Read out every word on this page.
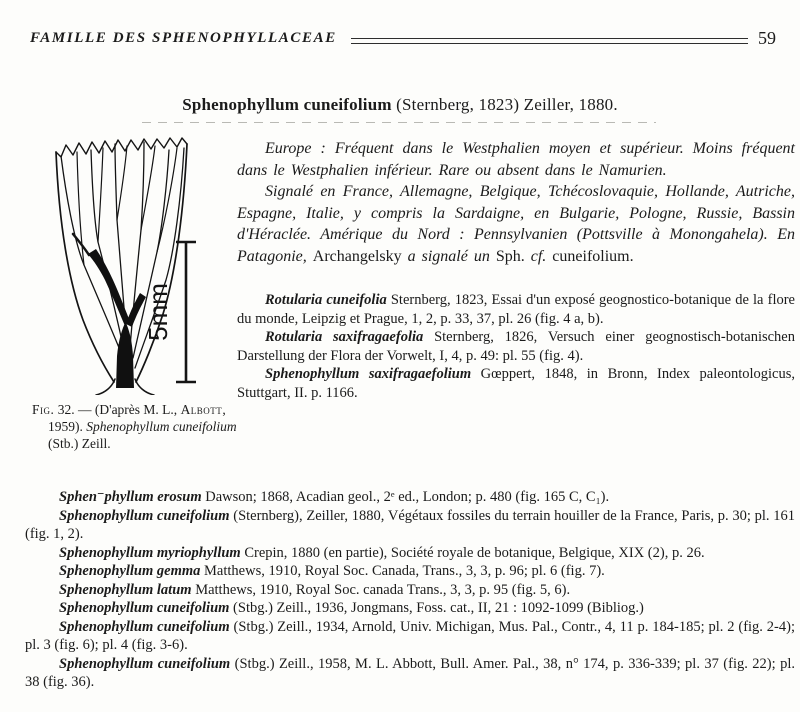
FAMILLE DES SPHENOPHYLLACEAE	59
Sphenophyllum cuneifolium (Sternberg, 1823) Zeiller, 1880.
5mm
Fig. 32. — (D'après M. L., Albott, 1959). Sphenophyllum cuneifolium (Stb.) Zeill.

Europe : Fréquent dans le Westphalien moyen et supérieur. Moins fréquent dans le Westphalien inférieur. Rare ou absent dans le Namurien.

Signalé en France, Allemagne, Belgique, Tchécoslovaquie, Hollande, Autriche, Espagne, Italie, y compris la Sardaigne, en Bulgarie, Pologne, Russie, Bassin d'Héraclée. Amérique du Nord : Pennsylvanien (Pottsville à Monongahela). En Patagonie, Archangelsky a signalé un Sph. cf. cuneifolium.

Rotularia cuneifolia Sternberg, 1823, Essai d'un exposé geognostico-botanique de la flore du monde, Leipzig et Prague, 1, 2, p. 33, 37, pl. 26 (fig. 4 a, b).

Rotularia saxifragaefolia Sternberg, 1826, Versuch einer geognostisch-botanischen Darstellung der Flora der Vorwelt, I, 4, p. 49: pl. 55 (fig. 4).

Sphenophyllum saxifragaefolium Gœppert, 1848, in Bronn, Index paleontologicus, Stuttgart, II. p. 1166.

Sphen⁻phyllum erosum Dawson; 1868, Acadian geol., 2ᵉ ed., London; p. 480 (fig. 165 C, C₁).

Sphenophyllum cuneifolium (Sternberg), Zeiller, 1880, Végétaux fossiles du terrain houiller de la France, Paris, p. 30; pl. 161 (fig. 1, 2).

Sphenophyllum myriophyllum Crepin, 1880 (en partie), Société royale de botanique, Belgique, XIX (2), p. 26.

Sphenophyllum gemma Matthews, 1910, Royal Soc. Canada, Trans., 3, 3, p. 96; pl. 6 (fig. 7).

Sphenophyllum latum Matthews, 1910, Royal Soc. canada Trans., 3, 3, p. 95 (fig. 5, 6).

Sphenophyllum cuneifolium (Stbg.) Zeill., 1936, Jongmans, Foss. cat., II, 21 : 1092-1099 (Bibliog.)

Sphenophyllum cuneifolium (Stbg.) Zeill., 1934, Arnold, Univ. Michigan, Mus. Pal., Contr., 4, 11 p. 184-185; pl. 2 (fig. 2-4); pl. 3 (fig. 6); pl. 4 (fig. 3-6).

Sphenophyllum cuneifolium (Stbg.) Zeill., 1958, M. L. Abbott, Bull. Amer. Pal., 38, n° 174, p. 336-339; pl. 37 (fig. 22); pl. 38 (fig. 36).
